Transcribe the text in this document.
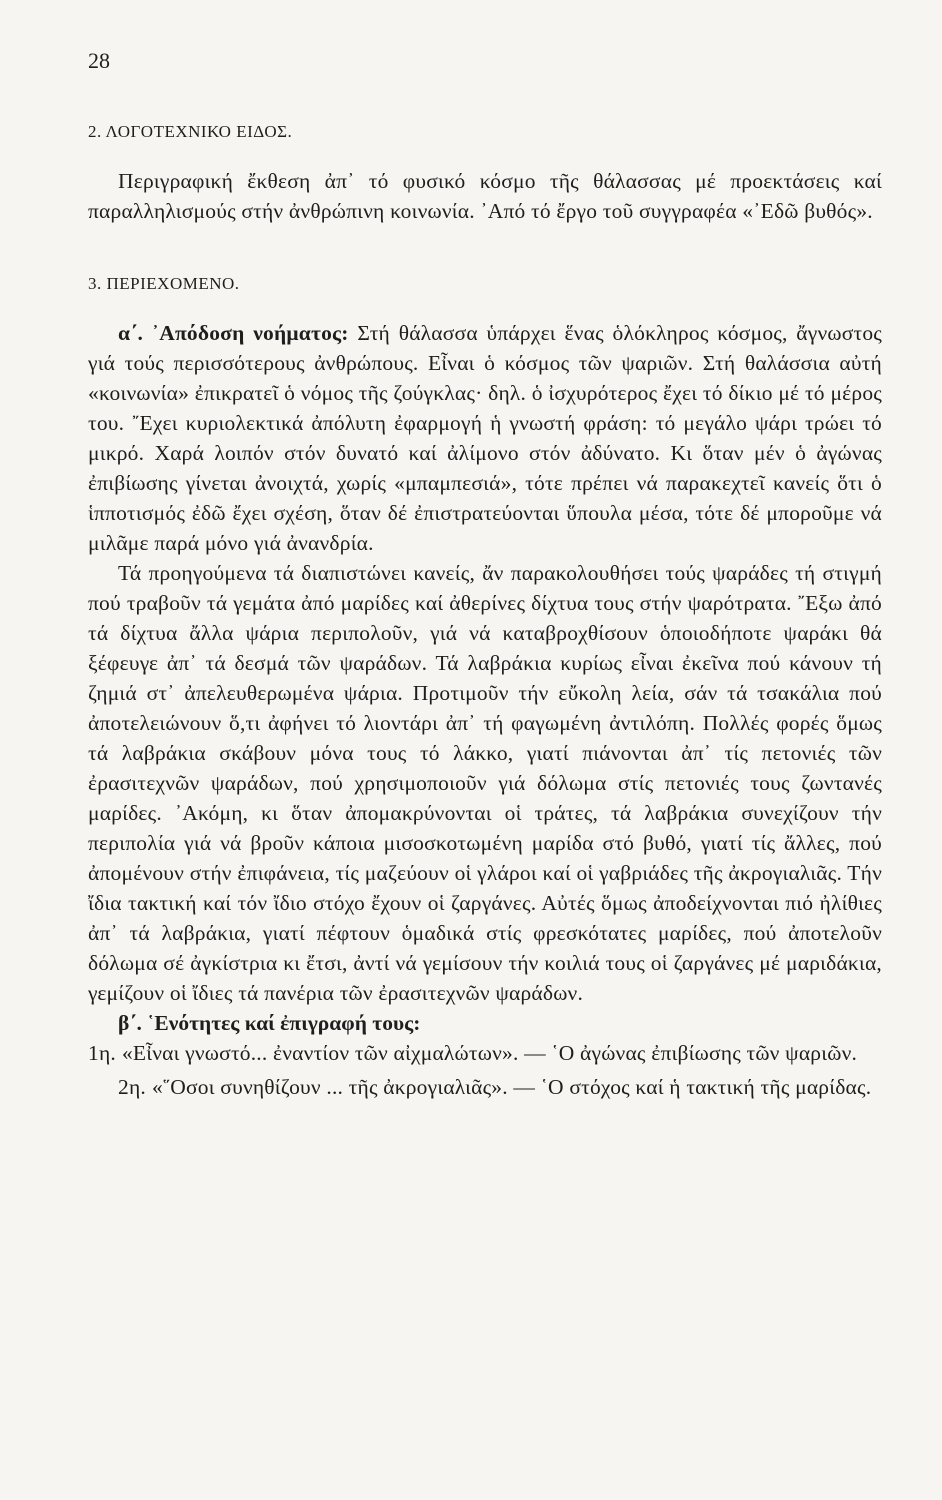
28
2. ΛΟΓΟΤΕΧΝΙΚΟ ΕΙΔΟΣ.

Περιγραφική ἔκθεση ἀπ᾿ τό φυσικό κόσμο τῆς θάλασσας μέ προεκτάσεις καί παραλληλισμούς στήν ἀνθρώπινη κοινωνία. ᾿Από τό ἔργο τοῦ συγγραφέα «᾿Εδῶ βυθός».

3. ΠΕΡΙΕΧΟΜΕΝΟ.

α΄. ᾿Απόδοση νοήματος: Στή θάλασσα ὑπάρχει ἕνας ὁλόκληρος κόσμος, ἄγνωστος γιά τούς περισσότερους ἀνθρώπους. Εἶναι ὁ κόσμος τῶν ψαριῶν. Στή θαλάσσια αὐτή «κοινωνία» ἐπικρατεῖ ὁ νόμος τῆς ζούγκλας· δηλ. ὁ ἰσχυρότερος ἔχει τό δίκιο μέ τό μέρος του. ῎Εχει κυριολεκτικά ἀπόλυτη ἐφαρμογή ἡ γνωστή φράση: τό μεγάλο ψάρι τρώει τό μικρό. Χαρά λοιπόν στόν δυνατό καί ἀλίμονο στόν ἀδύνατο. Κι ὅταν μέν ὁ ἀγώνας ἐπιβίωσης γίνεται ἀνοιχτά, χωρίς «μπαμπεσιά», τότε πρέπει νά παρακεχτεῖ κανείς ὅτι ὁ ἱπποτισμός ἐδῶ ἔχει σχέση, ὅταν δέ ἐπιστρατεύονται ὕπουλα μέσα, τότε δέ μποροῦμε νά μιλᾶμε παρά μόνο γιά ἀνανδρία.

Τά προηγούμενα τά διαπιστώνει κανείς, ἄν παρακολουθήσει τούς ψαράδες τή στιγμή πού τραβοῦν τά γεμάτα ἀπό μαρίδες καί ἀθερίνες δίχτυα τους στήν ψαρότρατα. ῎Εξω ἀπό τά δίχτυα ἄλλα ψάρια περιπολοῦν, γιά νά καταβροχθίσουν ὁποιοδήποτε ψαράκι θά ξέφευγε ἀπ᾿ τά δεσμά τῶν ψαράδων. Τά λαβράκια κυρίως εἶναι ἐκεῖνα πού κάνουν τή ζημιά στ᾿ ἀπελευθερωμένα ψάρια. Προτιμοῦν τήν εὔκολη λεία, σάν τά τσακάλια πού ἀποτελειώνουν ὅ,τι ἀφήνει τό λιοντάρι ἀπ᾿ τή φαγωμένη ἀντιλόπη. Πολλές φορές ὅμως τά λαβράκια σκάβουν μόνα τους τό λάκκο, γιατί πιάνονται ἀπ᾿ τίς πετονιές τῶν ἐρασιτεχνῶν ψαράδων, πού χρησιμοποιοῦν γιά δόλωμα στίς πετονιές τους ζωντανές μαρίδες. ᾿Ακόμη, κι ὅταν ἀπομακρύνονται οἱ τράτες, τά λαβράκια συνεχίζουν τήν περιπολία γιά νά βροῦν κάποια μισοσκοτωμένη μαρίδα στό βυθό, γιατί τίς ἄλλες, πού ἀπομένουν στήν ἐπιφάνεια, τίς μαζεύουν οἱ γλάροι καί οἱ γαβριάδες τῆς ἀκρογιαλιᾶς. Τήν ἴδια τακτική καί τόν ἴδιο στόχο ἔχουν οἱ ζαργάνες. Αὐτές ὅμως ἀποδείχνονται πιό ἠλίθιες ἀπ᾿ τά λαβράκια, γιατί πέφτουν ὁμαδικά στίς φρεσκότατες μαρίδες, πού ἀποτελοῦν δόλωμα σέ ἀγκίστρια κι ἔτσι, ἀντί νά γεμίσουν τήν κοιλιά τους οἱ ζαργάνες μέ μαριδάκια, γεμίζουν οἱ ἴδιες τά πανέρια τῶν ἐρασιτεχνῶν ψαράδων.

β΄. ῾Ενότητες καί ἐπιγραφή τους:

1η. «Εἶναι γνωστό... ἐναντίον τῶν αἰχμαλώτων». — ῾Ο ἀγώνας ἐπιβίωσης τῶν ψαριῶν.

2η. «῞Οσοι συνηθίζουν ... τῆς ἀκρογιαλιᾶς». — ῾Ο στόχος καί ἡ τακτική τῆς μαρίδας.
